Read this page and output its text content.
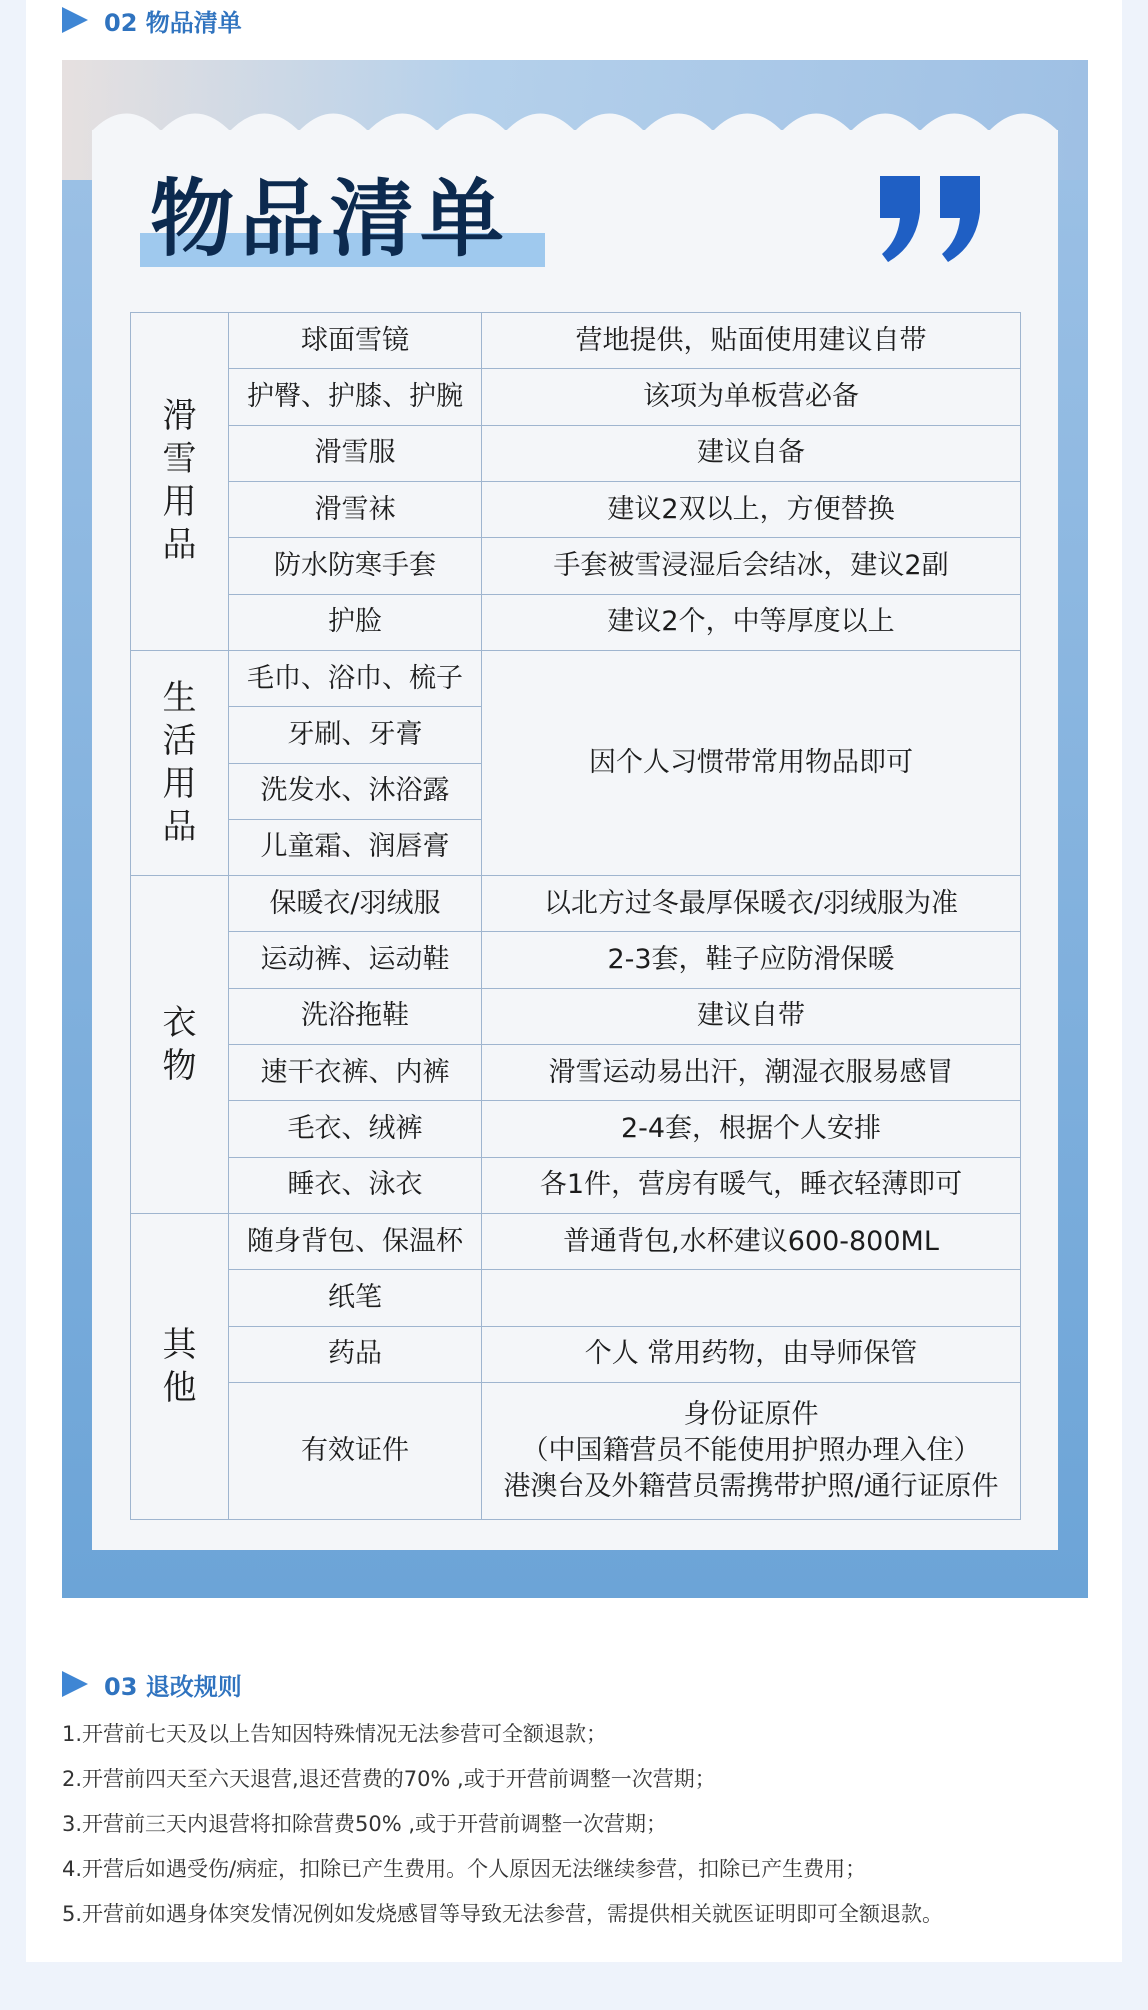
02 物品清单
物品清单
滑
雪
用
品	球面雪镜	营地提供，贴面使用建议自带
	护臀、护膝、护腕	该项为单板营必备
	滑雪服	建议自备
	滑雪袜	建议2双以上，方便替换
	防水防寒手套	手套被雪浸湿后会结冰，建议2副
	护脸	建议2个，中等厚度以上

生
活
用
品	毛巾、浴巾、梳子	因个人习惯带常用物品即可
	牙刷、牙膏	
	洗发水、沐浴露	
	儿童霜、润唇膏	

衣
物	保暖衣/羽绒服	以北方过冬最厚保暖衣/羽绒服为准
	运动裤、运动鞋	2-3套，鞋子应防滑保暖
	洗浴拖鞋	建议自带
	速干衣裤、内裤	滑雪运动易出汗，潮湿衣服易感冒
	毛衣、绒裤	2-4套，根据个人安排
	睡衣、泳衣	各1件，营房有暖气，睡衣轻薄即可

其
他	随身背包、保温杯	普通背包,水杯建议600-800ML
	纸笔	
	药品	个人 常用药物，由导师保管
	有效证件	身份证原件
（中国籍营员不能使用护照办理入住）
港澳台及外籍营员需携带护照/通行证原件
03 退改规则
1.开营前七天及以上告知因特殊情况无法参营可全额退款；
2.开营前四天至六天退营,退还营费的70% ,或于开营前调整一次营期；
3.开营前三天内退营将扣除营费50% ,或于开营前调整一次营期；
4.开营后如遇受伤/病症，扣除已产生费用。个人原因无法继续参营，扣除已产生费用；
5.开营前如遇身体突发情况例如发烧感冒等导致无法参营，需提供相关就医证明即可全额退款。
